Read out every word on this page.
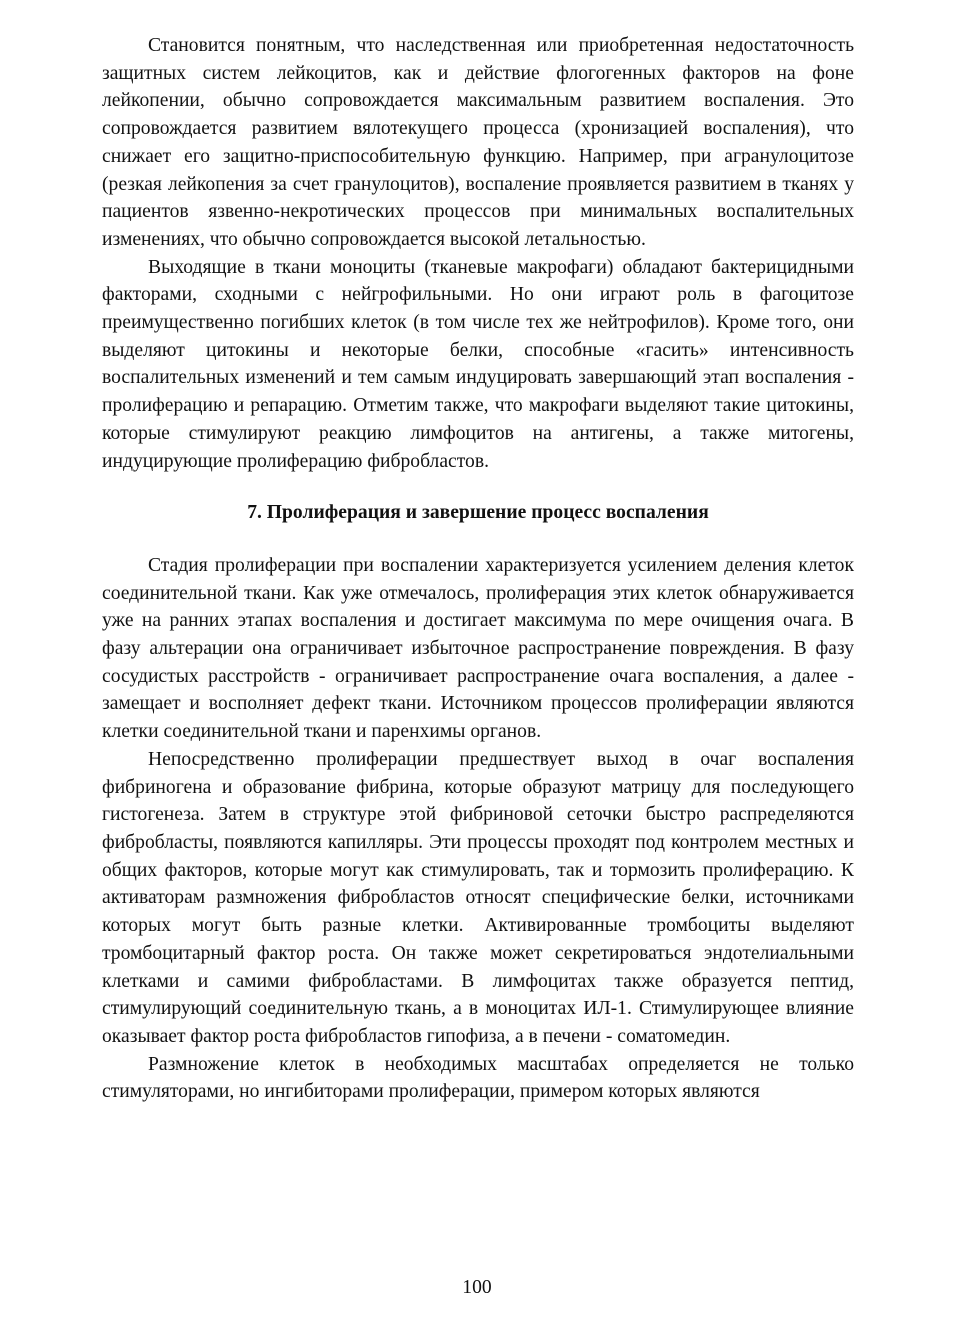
Становится понятным, что наследственная или приобретенная недостаточность защитных систем лейкоцитов, как и действие флогогенных факторов на фоне лейкопении, обычно сопровождается максимальным развитием воспаления. Это сопровождается развитием вялотекущего процесса (хронизацией воспаления), что снижает его защитно-приспособительную функцию. Например, при агранулоцитозе (резкая лейкопения за счет гранулоцитов), воспаление проявляется развитием в тканях у пациентов язвенно-некротических процессов при минимальных воспалительных изменениях, что обычно сопровождается высокой летальностью.

Выходящие в ткани моноциты (тканевые макрофаги) обладают бактерицидными факторами, сходными с нейгрофильными. Но они играют роль в фагоцитозе преимущественно погибших клеток (в том числе тех же нейтрофилов). Кроме того, они выделяют цитокины и некоторые белки, способные «гасить» интенсивность воспалительных изменений и тем самым индуцировать завершающий этап воспаления - пролиферацию и репарацию. Отметим также, что макрофаги выделяют такие цитокины, которые стимулируют реакцию лимфоцитов на антигены, а также митогены, индуцирующие пролиферацию фибробластов.

7. Пролиферация и завершение процесс воспаления

Стадия пролиферации при воспалении характеризуется усилением деления клеток соединительной ткани. Как уже отмечалось, пролиферация этих клеток обнаруживается уже на ранних этапах воспаления и достигает максимума по мере очищения очага. В фазу альтерации она ограничивает избыточное распространение повреждения. В фазу сосудистых расстройств - ограничивает распространение очага воспаления, а далее - замещает и восполняет дефект ткани. Источником процессов пролиферации являются клетки соединительной ткани и паренхимы органов.

Непосредственно пролиферации предшествует выход в очаг воспаления фибриногена и образование фибрина, которые образуют матрицу для последующего гистогенеза. Затем в структуре этой фибриновой сеточки быстро распределяются фибробласты, появляются капилляры. Эти процессы проходят под контролем местных и общих факторов, которые могут как стимулировать, так и тормозить пролиферацию. К активаторам размножения фибробластов относят специфические белки, источниками которых могут быть разные клетки. Активированные тромбоциты выделяют тромбоцитарный фактор роста. Он также может секретироваться эндотелиальными клетками и самими фибробластами. В лимфоцитах также образуется пептид, стимулирующий соединительную ткань, а в моноцитах ИЛ-1. Стимулирующее влияние оказывает фактор роста фибробластов гипофиза, а в печени - соматомедин.

Размножение клеток в необходимых масштабах определяется не только стимуляторами, но ингибиторами пролиферации, примером которых являются

100
